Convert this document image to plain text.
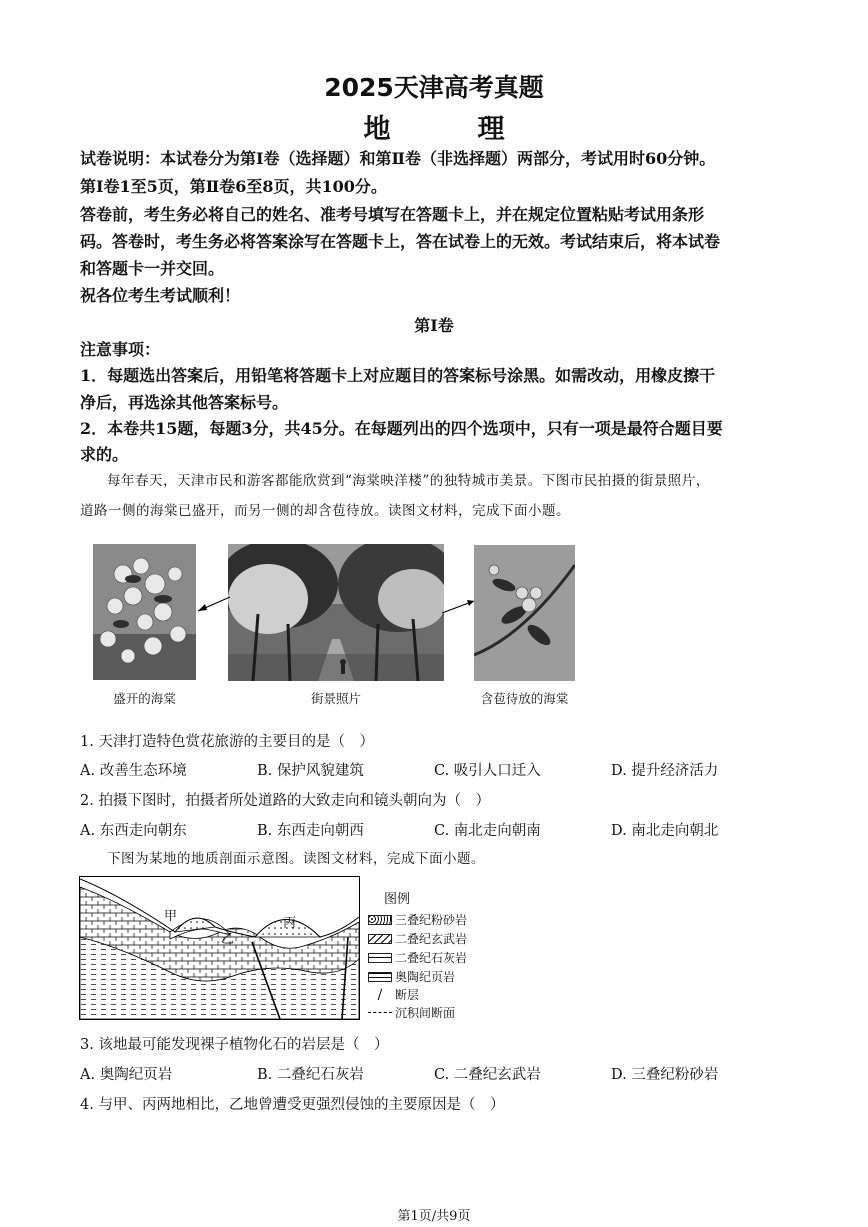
2025天津高考真题
地　理
试卷说明：本试卷分为第Ⅰ卷（选择题）和第Ⅱ卷（非选择题）两部分，考试用时60分钟。
第Ⅰ卷1至5页，第Ⅱ卷6至8页，共100分。
答卷前，考生务必将自己的姓名、准考号填写在答题卡上，并在规定位置粘贴考试用条形
码。答卷时，考生务必将答案涂写在答题卡上，答在试卷上的无效。考试结束后，将本试卷
和答题卡一并交回。
祝各位考生考试顺利！
第Ⅰ卷
注意事项：
1．每题选出答案后，用铅笔将答题卡上对应题目的答案标号涂黑。如需改动，用橡皮擦干
净后，再选涂其他答案标号。
2．本卷共15题，每题3分，共45分。在每题列出的四个选项中，只有一项是最符合题目要
求的。
每年春天，天津市民和游客都能欣赏到“海棠映洋楼”的独特城市美景。下图市民拍摄的街景照片，
道路一侧的海棠已盛开，而另一侧的却含苞待放。读图文材料，完成下面小题。
盛开的海棠	街景照片	含苞待放的海棠
1. 天津打造特色赏花旅游的主要目的是（　）
A. 改善生态环境	B. 保护风貌建筑	C. 吸引人口迁入	D. 提升经济活力
2. 拍摄下图时，拍摄者所处道路的大致走向和镜头朝向为（　）
A. 东西走向朝东	B. 东西走向朝西	C. 南北走向朝南	D. 南北走向朝北
下图为某地的地质剖面示意图。读图文材料，完成下面小题。
甲
乙
丙
图例
三叠纪粉砂岩
二叠纪玄武岩
二叠纪石灰岩
奥陶纪页岩
/	断层
沉积间断面
3. 该地最可能发现裸子植物化石的岩层是（　）
A. 奥陶纪页岩	B. 二叠纪石灰岩	C. 二叠纪玄武岩	D. 三叠纪粉砂岩
4. 与甲、丙两地相比，乙地曾遭受更强烈侵蚀的主要原因是（　）
第1页/共9页
